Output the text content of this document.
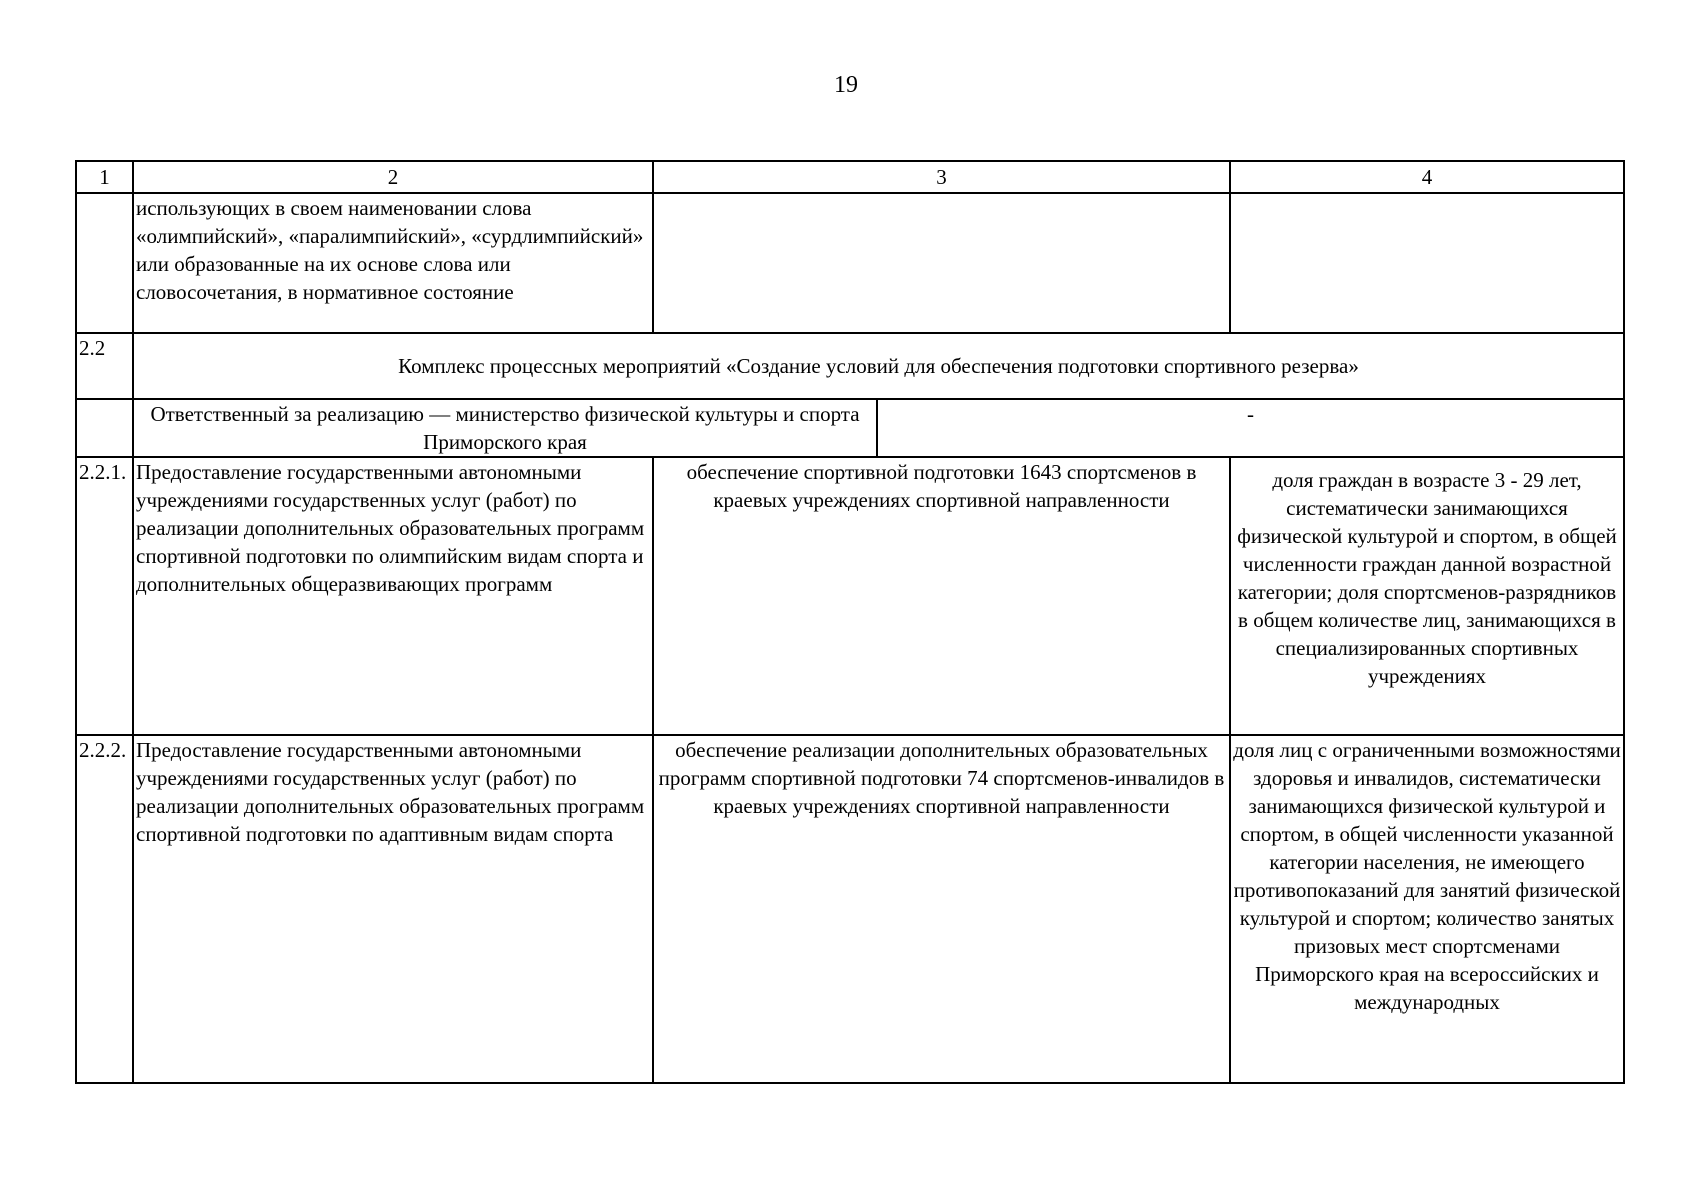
19
1	2	3	4
	использующих в своем наименовании слова «олимпийский», «паралимпийский», «сурдлимпийский» или образованные на их основе слова или словосочетания, в нормативное состояние		
2.2	Комплекс процессных мероприятий «Создание условий для обеспечения подготовки спортивного резерва»

Ответственный за реализацию — министерство физической культуры и спорта Приморского края	-

2.2.1.	Предоставление государственными автономными учреждениями государственных услуг (работ) по реализации дополнительных образовательных программ спортивной подготовки по олимпийским видам спорта и дополнительных общеразвивающих программ	обеспечение спортивной подготовки 1643 спортсменов в краевых учреждениях спортивной направленности	доля граждан в возрасте 3 - 29 лет, систематически занимающихся физической культурой и спортом, в общей численности граждан данной возрастной категории; доля спортсменов-разрядников в общем количестве лиц, занимающихся в специализированных спортивных учреждениях
2.2.2.	Предоставление государственными автономными учреждениями государственных услуг (работ) по реализации дополнительных образовательных программ спортивной подготовки по адаптивным видам спорта	обеспечение реализации дополнительных образовательных программ спортивной подготовки 74 спортсменов-инвалидов в краевых учреждениях спортивной направленности	доля лиц с ограниченными возможностями здоровья и инвалидов, систематически занимающихся физической культурой и спортом, в общей численности указанной категории населения, не имеющего противопоказаний для занятий физической культурой и спортом; количество занятых призовых мест спортсменами Приморского края на всероссийских и международных
